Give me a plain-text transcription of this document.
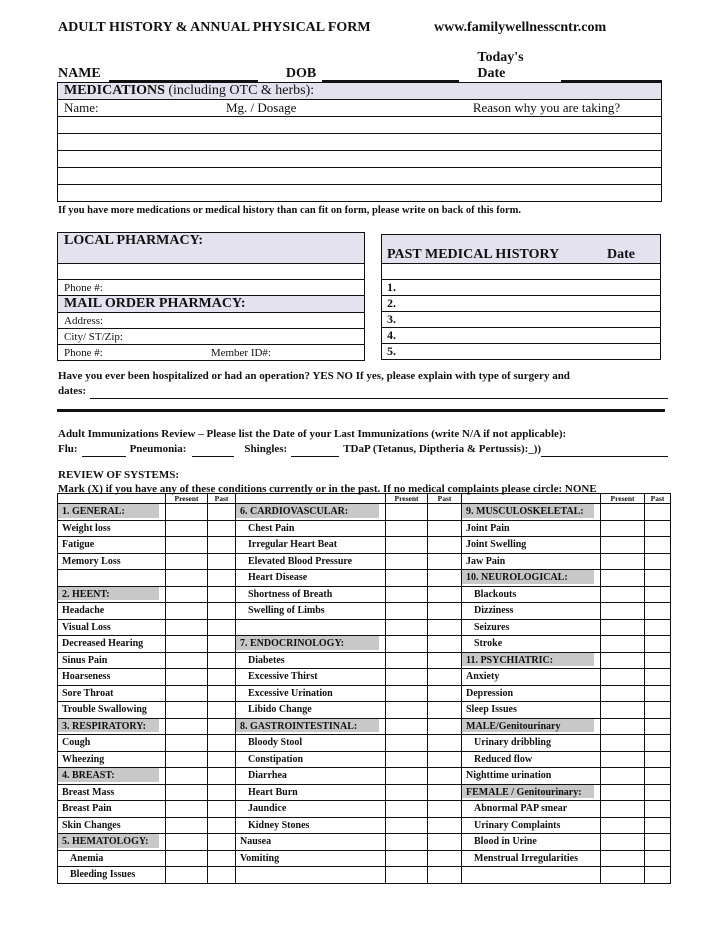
ADULT HISTORY & ANNUAL PHYSICAL FORM	www.familywellnesscntr.com
NAME	DOB
Today's Date
MEDICATIONS (including OTC & herbs):
Name:	Mg. / Dosage	Reason why you are taking?

If you have more medications or medical history than can fit on form, please write on back of this form.
LOCAL PHARMACY:

Phone #:
MAIL ORDER PHARMACY:
Address:
City/ ST/Zip:
Phone #:	Member ID#:
PAST MEDICAL HISTORY	Date

1.
2.
3.
4.
5.
Have you ever been hospitalized or had an operation? YES NO If yes, please explain with type of surgery and
dates:
Adult Immunizations Review – Please list the Date of your Last Immunizations (write N/A if not applicable):
Flu:	Pneumonia:	Shingles:	TDaP (Tetanus, Diptheria & Pertussis):_))
REVIEW OF SYSTEMS:
Mark (X) if you have any of these conditions currently or in the past. If no medical complaints please circle: NONE
	Present	Past		Present	Past		Present	Past
1. GENERAL:			6. CARDIOVASCULAR:			9. MUSCULOSKELETAL:		
Weight loss			Chest Pain			Joint Pain		
Fatigue			Irregular Heart Beat			Joint Swelling		
Memory Loss			Elevated Blood Pressure			Jaw Pain		
			Heart Disease			10. NEUROLOGICAL:		
2. HEENT:			Shortness of Breath			Blackouts		
Headache			Swelling of Limbs			Dizziness		
Visual Loss						Seizures		
Decreased Hearing			7. ENDOCRINOLOGY:			Stroke		
Sinus Pain			Diabetes			11. PSYCHIATRIC:		
Hoarseness			Excessive Thirst			Anxiety		
Sore Throat			Excessive Urination			Depression		
Trouble Swallowing			Libido Change			Sleep Issues		
3. RESPIRATORY:			8. GASTROINTESTINAL:			MALE/Genitourinary		
Cough			Bloody Stool			Urinary dribbling		
Wheezing			Constipation			Reduced flow		
4. BREAST:			Diarrhea			Nighttime urination		
Breast Mass			Heart Burn			FEMALE / Genitourinary:		
Breast Pain			Jaundice			Abnormal PAP smear		
Skin Changes			Kidney Stones			Urinary Complaints		
5. HEMATOLOGY:			Nausea			Blood in Urine		
Anemia			Vomiting			Menstrual Irregularities		
Bleeding Issues								
